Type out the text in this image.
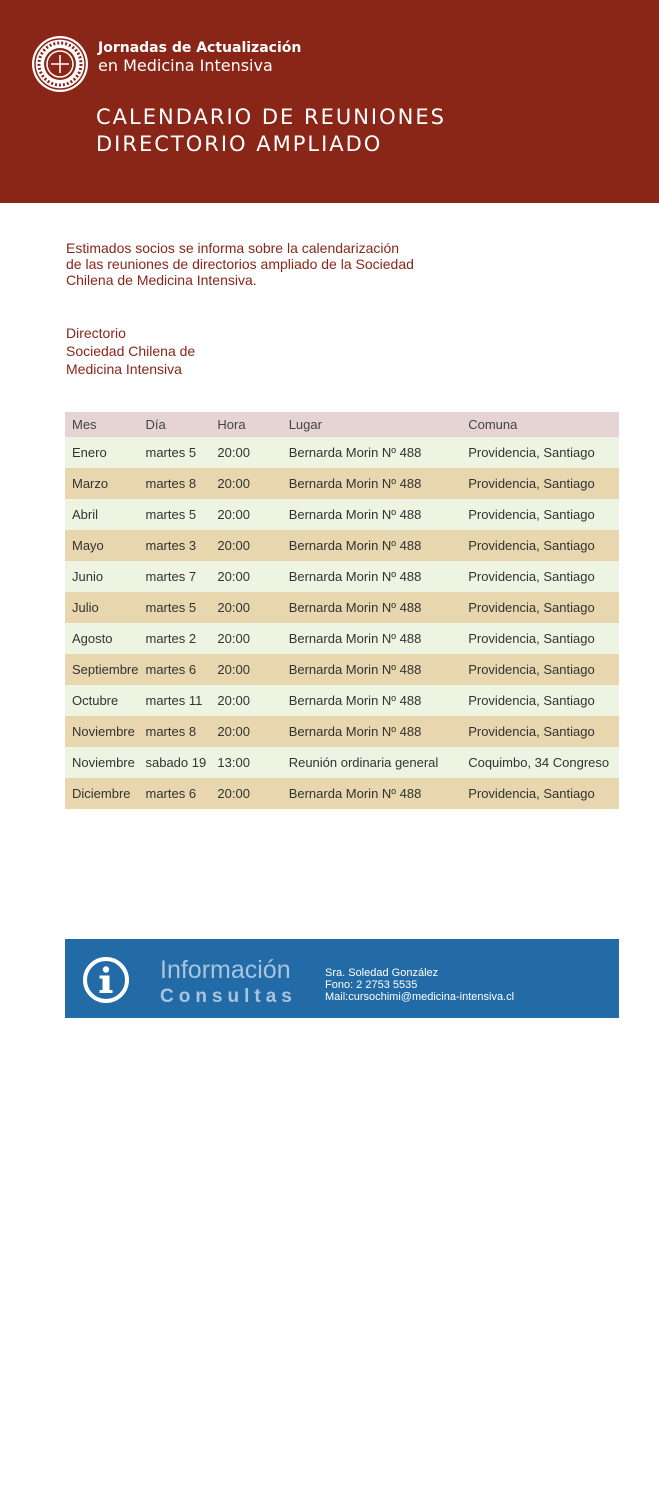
Jornadas de Actualización
en Medicina Intensiva
CALENDARIO DE REUNIONES
DIRECTORIO AMPLIADO
Estimados socios se informa sobre la calendarización
de las reuniones de directorios ampliado de la Sociedad
Chilena de Medicina Intensiva.
Directorio
Sociedad Chilena de
Medicina Intensiva
Mes	Día	Hora	Lugar	Comuna
Enero	martes 5	20:00	Bernarda Morin Nº 488	Providencia, Santiago
Marzo	martes 8	20:00	Bernarda Morin Nº 488	Providencia, Santiago
Abril	martes 5	20:00	Bernarda Morin Nº 488	Providencia, Santiago
Mayo	martes 3	20:00	Bernarda Morin Nº 488	Providencia, Santiago
Junio	martes 7	20:00	Bernarda Morin Nº 488	Providencia, Santiago
Julio	martes 5	20:00	Bernarda Morin Nº 488	Providencia, Santiago
Agosto	martes 2	20:00	Bernarda Morin Nº 488	Providencia, Santiago
Septiembre	martes 6	20:00	Bernarda Morin Nº 488	Providencia, Santiago
Octubre	martes 11	20:00	Bernarda Morin Nº 488	Providencia, Santiago
Noviembre	martes 8	20:00	Bernarda Morin Nº 488	Providencia, Santiago
Noviembre	sabado 19	13:00	Reunión ordinaria general	Coquimbo, 34 Congreso
Diciembre	martes 6	20:00	Bernarda Morin Nº 488	Providencia, Santiago
Información
Consultas
Sra. Soledad González
Fono: 2 2753 5535
Mail:cursochimi@medicina-intensiva.cl
